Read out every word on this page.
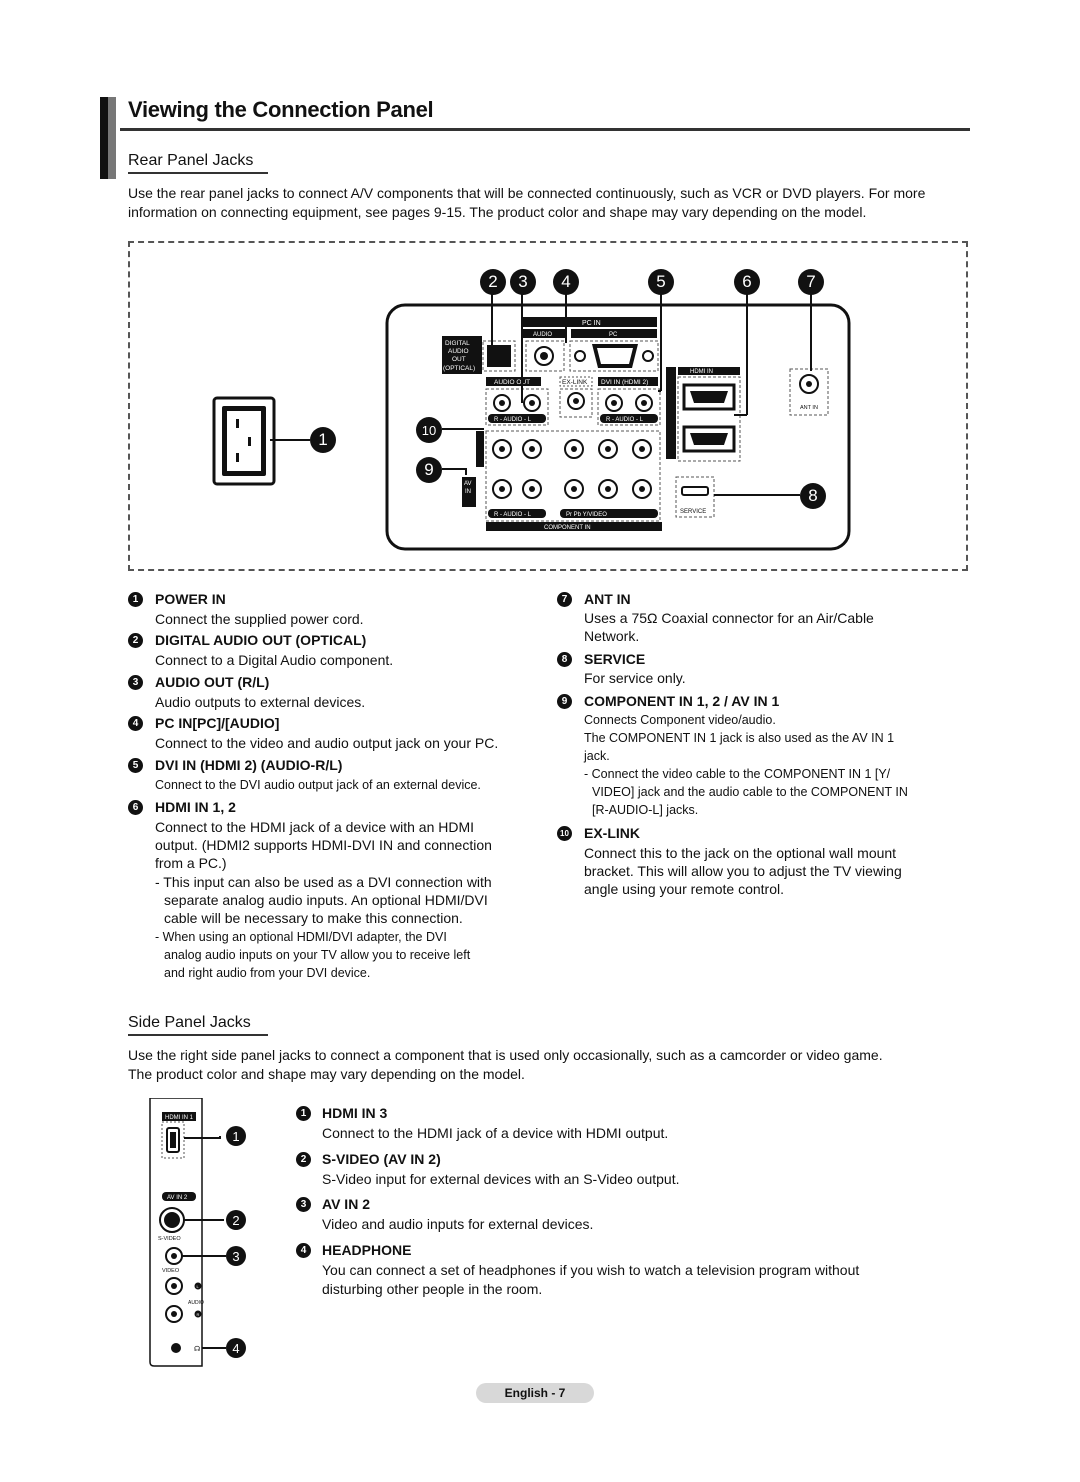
Viewing the Connection Panel
Rear Panel Jacks
Use the rear panel jacks to connect A/V components that will be connected continuously, such as VCR or DVD players. For more information on connecting equipment, see pages 9-15. The product color and shape may vary depending on the model.
PC IN
AUDIO	PC
DIGITAL
AUDIO
OUT
(OPTICAL)
AUDIO OUT	EX-LINK DVI IN (HDMI 2)
R - AUDIO - L	R - AUDIO - L
HDMI IN
AV
IN
R - AUDIO - L	Pr Pb Y/VIDEO
COMPONENT IN
SERVICE
ANT IN
2	3	4	5	6	7
1	10
9
8
1	POWER IN
Connect the supplied power cord.
2	DIGITAL AUDIO OUT (OPTICAL)
Connect to a Digital Audio component.
3	AUDIO OUT (R/L)
Audio outputs to external devices.
4	PC IN[PC]/[AUDIO]
Connect to the video and audio output jack on your PC.
5	DVI IN (HDMI 2) (AUDIO-R/L)
Connect to the DVI audio output jack of an external device.
6	HDMI IN 1, 2
Connect to the HDMI jack of a device with an HDMI
output. (HDMI2 supports HDMI-DVI IN and connection
from a PC.)
- This input can also be used as a DVI connection with
separate analog audio inputs. An optional HDMI/DVI
cable will be necessary to make this connection.
- When using an optional HDMI/DVI adapter, the DVI
analog audio inputs on your TV allow you to receive left
and right audio from your DVI device.
7	ANT IN
Uses a 75Ω Coaxial connector for an Air/Cable
Network.
8	SERVICE
For service only.
9	COMPONENT IN 1, 2 / AV IN 1
Connects Component video/audio.
The COMPONENT IN 1 jack is also used as the AV IN 1
jack.
- Connect the video cable to the COMPONENT IN 1 [Y/
VIDEO] jack and the audio cable to the COMPONENT IN
[R-AUDIO-L] jacks.
10 EX-LINK
Connect this to the jack on the optional wall mount
bracket. This will allow you to adjust the TV viewing
angle using your remote control.
Side Panel Jacks
Use the right side panel jacks to connect a component that is used only occasionally, such as a camcorder or video game.
The product color and shape may vary depending on the model.
HDMI IN 1
AV IN 2
S-VIDEO
VIDEO
L
AUDIO
R
☊
1
2
3
4
1	HDMI IN 3
Connect to the HDMI jack of a device with HDMI output.
2	S-VIDEO (AV IN 2)
S-Video input for external devices with an S-Video output.
3	AV IN 2
Video and audio inputs for external devices.
4	HEADPHONE
You can connect a set of headphones if you wish to watch a television program without
disturbing other people in the room.
English - 7
